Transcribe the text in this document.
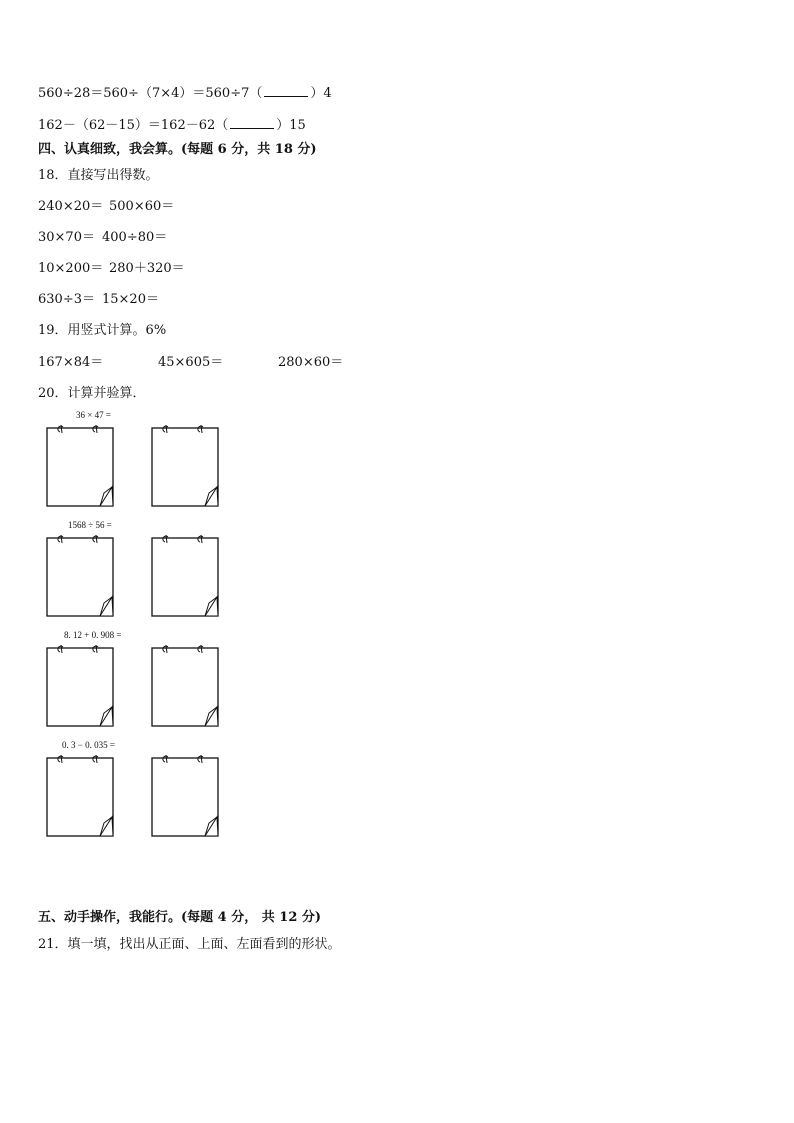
560÷28＝560÷（7×4）＝560÷7（	）4
162－（62－15）＝162－62（	）15
四、认真细致，我会算。(每题 6 分，共 18 分)
18．直接写出得数。
240×20＝ 500×60＝
30×70＝ 400÷80＝
10×200＝ 280＋320＝
630÷3＝ 15×20＝
19．用竖式计算。6%
167×84＝	45×605＝	280×60＝
20．计算并验算．
36 × 47 =
1568 ÷ 56 =
8. 12 + 0. 908 =
0. 3 − 0. 035 =
五、动手操作，我能行。(每题 4 分， 共 12 分)
21．填一填，找出从正面、上面、左面看到的形状。
